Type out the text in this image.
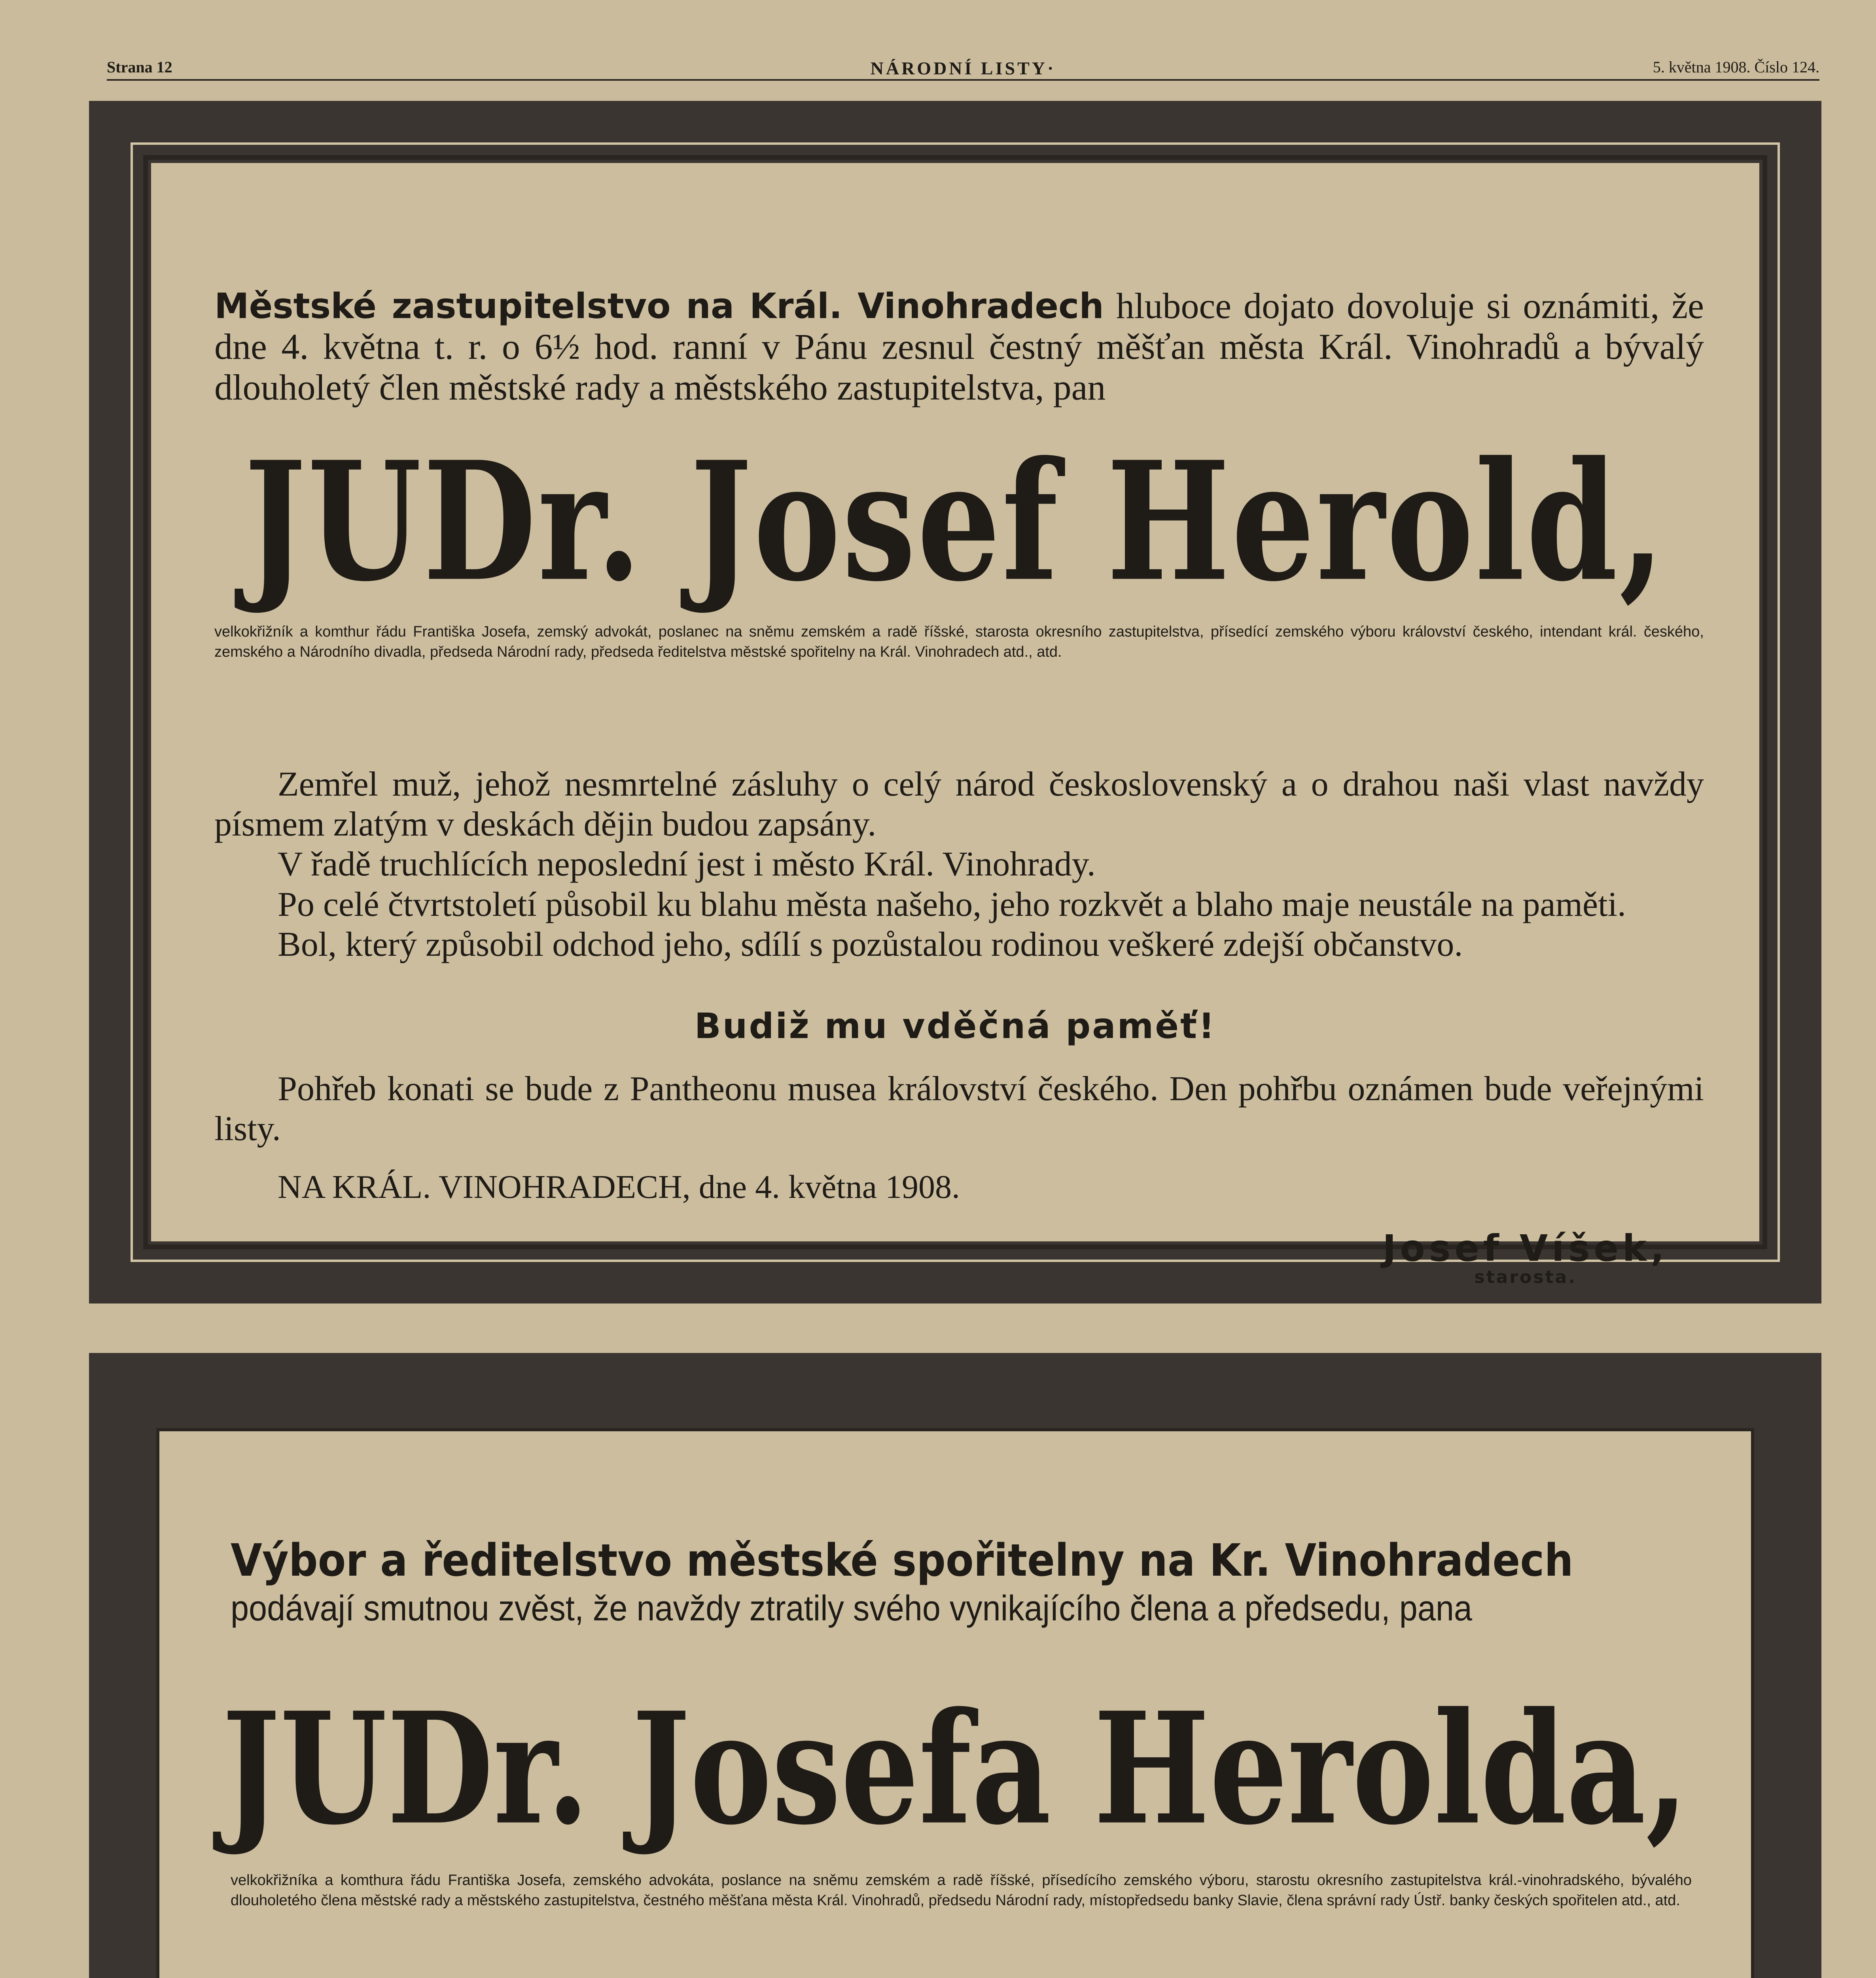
Strana 12	NÁRODNÍ LISTY·	5. května 1908. Číslo 124.
Městské zastupitelstvo na Král. Vinohradech hluboce dojato dovoluje si oznámiti, že dne 4. května t. r. o 6½ hod. ranní v Pánu zesnul čestný měšťan města Král. Vinohradů a bývalý dlouholetý člen městské rady a městského zastupitelstva, pan
JUDr. Josef Herold,
velkokřižník a komthur řádu Františka Josefa, zemský advokát, poslanec na sněmu zemském a radě říšské, starosta okresního zastupitelstva, přísedící zemského výboru království českého, intendant král. českého, zemského a Národního divadla, předseda Národní rady, předseda ředitelstva městské spořitelny na Král. Vinohradech atd., atd.

Zemřel muž, jehož nesmrtelné zásluhy o celý národ československý a o drahou naši vlast navždy písmem zlatým v deskách dějin budou zapsány.

V řadě truchlících neposlední jest i město Král. Vinohrady.

Po celé čtvrtstoletí působil ku blahu města našeho, jeho rozkvět a blaho maje neustále na paměti.

Bol, který způsobil odchod jeho, sdílí s pozůstalou rodinou veškeré zdejší občanstvo.

Budiž mu vděčná paměť!
Pohřeb konati se bude z Pantheonu musea království českého. Den pohřbu oznámen bude veřejnými listy.
NA KRÁL. VINOHRADECH, dne 4. května 1908.
Josef Víšek,
starosta.
Výbor a ředitelstvo městské spořitelny na Kr. Vinohradech podávají smutnou zvěst, že navždy ztratily svého vynikajícího člena a předsedu, pana
JUDr. Josefa Herolda,
velkokřižníka a komthura řádu Františka Josefa, zemského advokáta, poslance na sněmu zemském a radě říšské, přísedícího zemského výboru, starostu okresního zastupitelstva král.-vinohradského, bývalého dlouholetého člena městské rady a městského zastupitelstva, čestného měšťana města Král. Vinohradů, předsedu Národní rady, místopředsedu banky Slavie, člena správní rady Ústř. banky českých spořitelen atd., atd.
